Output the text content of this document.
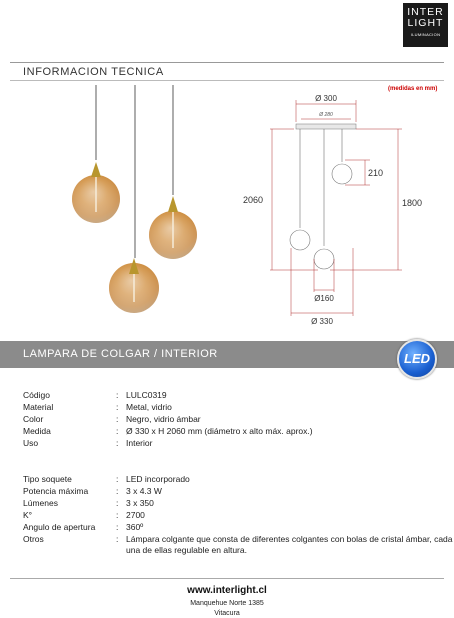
INTER
LIGHT
ILUMINACION
INFORMACION TECNICA
(medidas en mm)
Ø 300
Ø 280
210
2060	1800
Ø160
Ø 330
LAMPARA DE COLGAR / INTERIOR	LED
Código	: LULC0319
Material	: Metal, vidrio
Color	: Negro, vidrio ámbar
Medida	: Ø 330 x H 2060 mm (diámetro x alto máx. aprox.)
Uso	: Interior
Tipo soquete	: LED incorporado
Potencia máxima	: 3 x 4.3 W
Lúmenes	: 3 x 350
K°	: 2700
Angulo de apertura : 360º
Otros	: Lámpara colgante que consta de diferentes colgantes con bolas de cristal ámbar, cada una de ellas regulable en altura.
www.interlight.cl
Manquehue Norte 1385
Vitacura
